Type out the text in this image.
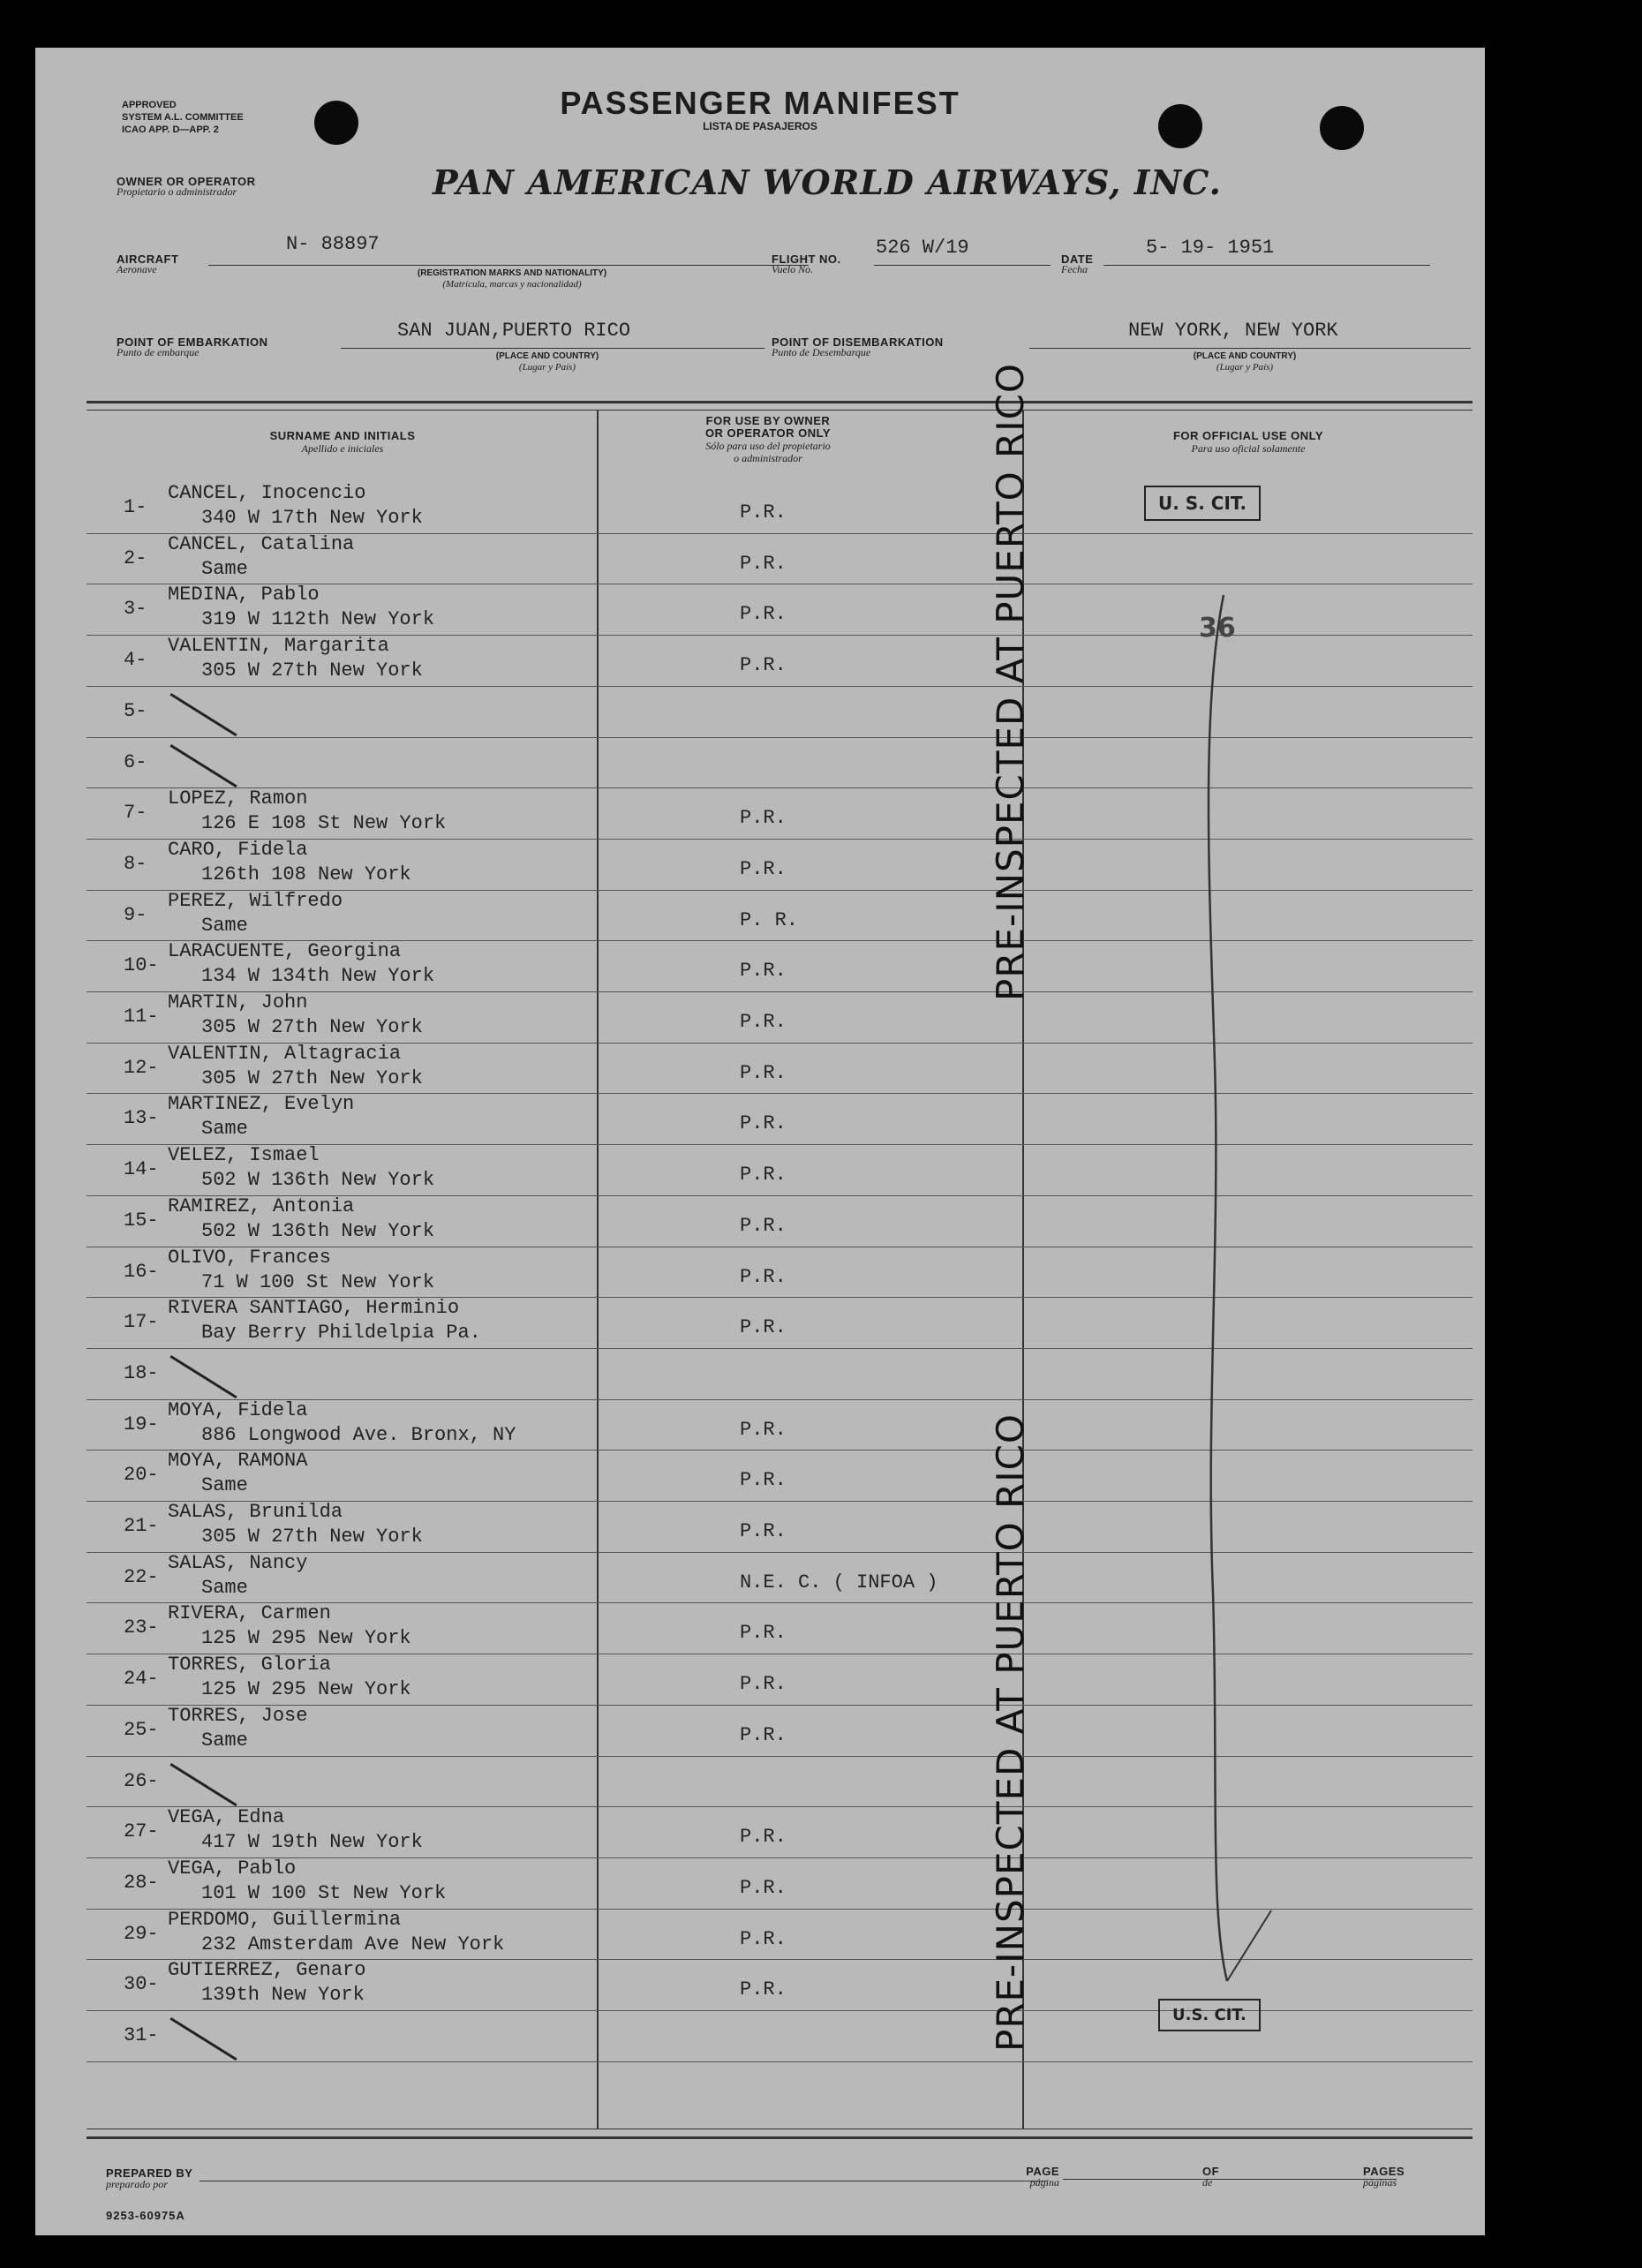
APPROVED
SYSTEM A.L. COMMITTEE
ICAO APP. D—APP. 2
PASSENGER MANIFEST
LISTA DE PASAJEROS
OWNER OR OPERATOR
Propietario o administrador	PAN AMERICAN WORLD AIRWAYS, INC.
AIRCRAFT
Aeronave
N- 88897
(REGISTRATION MARKS AND NATIONALITY)
(Matrícula, marcas y nacionalidad)
FLIGHT NO.
Vuelo No.
526 W/19
DATE
Fecha
5- 19- 1951
POINT OF EMBARKATION
Punto de embarque
SAN JUAN,PUERTO RICO
(PLACE AND COUNTRY)
(Lugar y País)
POINT OF DISEMBARKATION
Punto de Desembarque
NEW YORK, NEW YORK
(PLACE AND COUNTRY)
(Lugar y País)
SURNAME AND INITIALS
Apellido e iniciales
FOR USE BY OWNER
OR OPERATOR ONLY
Sólo para uso del propietario
o administrador
FOR OFFICIAL USE ONLY
Para uso oficial solamente
1-
CANCEL, Inocencio
340 W 17th New York	P.R.
2-
CANCEL, Catalina
Same	P.R.
3-
MEDINA, Pablo
319 W 112th New York	P.R.
4-
VALENTIN, Margarita
305 W 27th New York	P.R.
5-
6-
7-
LOPEZ, Ramon
126 E 108 St New York	P.R.
8-
CARO, Fidela
126th 108 New York	P.R.
9-
PEREZ, Wilfredo
Same	P. R.
10-
LARACUENTE, Georgina
134 W 134th New York	P.R.
11-
MARTIN, John
305 W 27th New York	P.R.
12-
VALENTIN, Altagracia
305 W 27th New York	P.R.
13-
MARTINEZ, Evelyn
Same	P.R.
14-
VELEZ, Ismael
502 W 136th New York	P.R.
15-
RAMIREZ, Antonia
502 W 136th New York	P.R.
16-
OLIVO, Frances
71 W 100 St New York	P.R.
17-
RIVERA SANTIAGO, Herminio
Bay Berry Phildelpia Pa.	P.R.
18-
19-
MOYA, Fidela
886 Longwood Ave. Bronx, NY	P.R.
20-
MOYA, RAMONA
Same	P.R.
21-
SALAS, Brunilda
305 W 27th New York	P.R.
22-
SALAS, Nancy
Same	N.E. C. ( INFOA )
23-
RIVERA, Carmen
125 W 295 New York	P.R.
24-
TORRES, Gloria
125 W 295 New York	P.R.
25-
TORRES, Jose
Same	P.R.
26-
27-
VEGA, Edna
417 W 19th New York	P.R.
28-
VEGA, Pablo
101 W 100 St New York	P.R.
29-
PERDOMO, Guillermina
232 Amsterdam Ave New York	P.R.
30-
GUTIERREZ, Genaro
139th New York	P.R.
31-
PRE-INSPECTED AT PUERTO RICO
PRE-INSPECTED AT PUERTO RICO
U. S. CIT.
36
U.S. CIT.
PREPARED BY
preparado por
PAGE
página
OF
de
PAGES
páginas
9253-60975A
